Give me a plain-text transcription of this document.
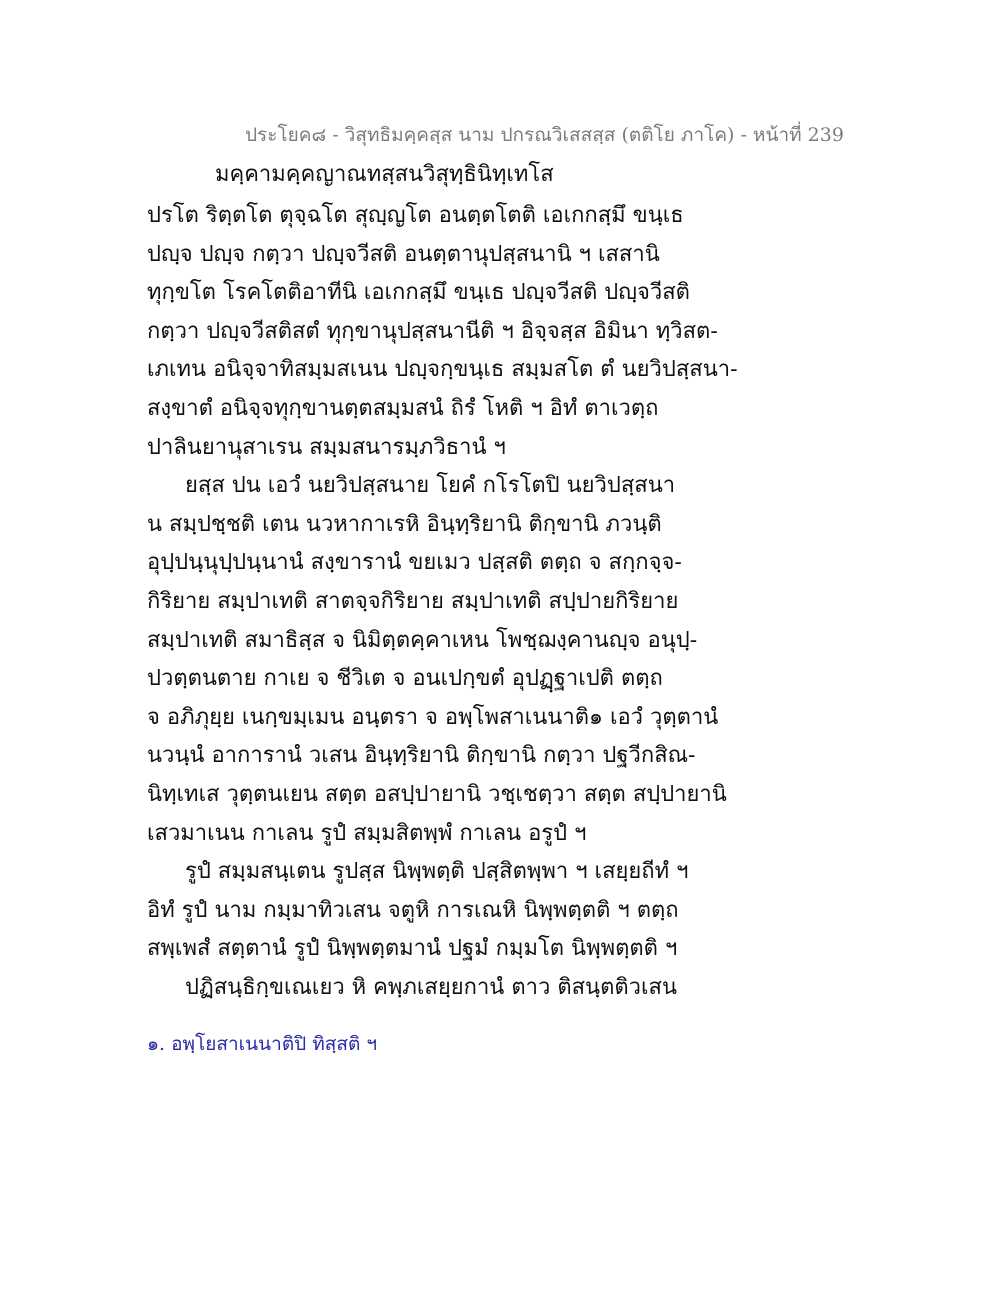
ประโยค๘ - วิสุทธิมคฺคสฺส นาม ปกรณวิเสสสฺส (ตติโย ภาโค) - หน้าที่ 239
มคฺคามคฺคญาณทสฺสนวิสุทฺธินิทฺเทโส
ปรโต ริตฺตโต ตุจฺฉโต สุญฺญโต อนตฺตโตติ เอเกกสฺมึ ขนฺเธ
ปญฺจ ปญฺจ กตฺวา ปญฺจวีสติ อนตฺตานุปสฺสนานิ ฯ เสสานิ
ทุกฺขโต โรคโตติอาทีนิ เอเกกสฺมึ ขนฺเธ ปญฺจวีสติ ปญฺจวีสติ
กตฺวา ปญฺจวีสติสตํ ทุกฺขานุปสฺสนานีติ ฯ อิจฺจสฺส อิมินา ทฺวิสต-
เภเทน อนิจฺจาทิสมฺมสเนน ปญฺจกฺขนฺเธ สมฺมสโต ตํ นยวิปสฺสนา-
สงฺขาตํ อนิจฺจทุกฺขานตฺตสมฺมสนํ ถิรํ โหติ ฯ อิทํ ตาเวตฺถ
ปาลินยานุสาเรน สมฺมสนารมฺภวิธานํ ฯ
ยสฺส ปน เอวํ นยวิปสฺสนาย โยคํ กโรโตปิ นยวิปสฺสนา
น สมฺปชฺชติ เตน นวหากาเรหิ อินฺทฺริยานิ ติกฺขานิ ภวนฺติ
อุปฺปนฺนุปฺปนฺนานํ สงฺขารานํ ขยเมว ปสฺสติ ตตฺถ จ สกฺกจฺจ-
กิริยาย สมฺปาเทติ สาตจฺจกิริยาย สมฺปาเทติ สปฺปายกิริยาย
สมฺปาเทติ สมาธิสฺส จ นิมิตฺตคฺคาเหน โพชฺฌงฺคานญฺจ อนุปฺ-
ปวตฺตนตาย กาเย จ ชีวิเต จ อนเปกฺขตํ อุปฏฺฐาเปติ ตตฺถ
จ อภิภุยฺย เนกฺขมฺเมน อนฺตรา จ อพฺโพสาเนนาติ๑ เอวํ วุตฺตานํ
นวนฺนํ อาการานํ วเสน อินฺทฺริยานิ ติกฺขานิ กตฺวา ปฐวีกสิณ-
นิทฺเทเส วุตฺตนเยน สตฺต อสปฺปายานิ วชฺเชตฺวา สตฺต สปฺปายานิ
เสวมาเนน กาเลน รูปํ สมฺมสิตพฺพํ กาเลน อรูปํ ฯ
รูปํ สมฺมสนฺเตน รูปสฺส นิพฺพตฺติ ปสฺสิตพฺพา ฯ เสยฺยถีทํ ฯ
อิทํ รูปํ นาม กมฺมาทิวเสน จตูหิ การเณหิ นิพฺพตฺตติ ฯ ตตฺถ
สพฺเพสํ สตฺตานํ รูปํ นิพฺพตฺตมานํ ปฐมํ กมฺมโต นิพฺพตฺตติ ฯ
ปฏิสนฺธิกฺขเณเยว หิ คพฺภเสยฺยกานํ ตาว ติสนฺตติวเสน
๑. อพฺโยสาเนนาติปิ ทิสฺสติ ฯ
